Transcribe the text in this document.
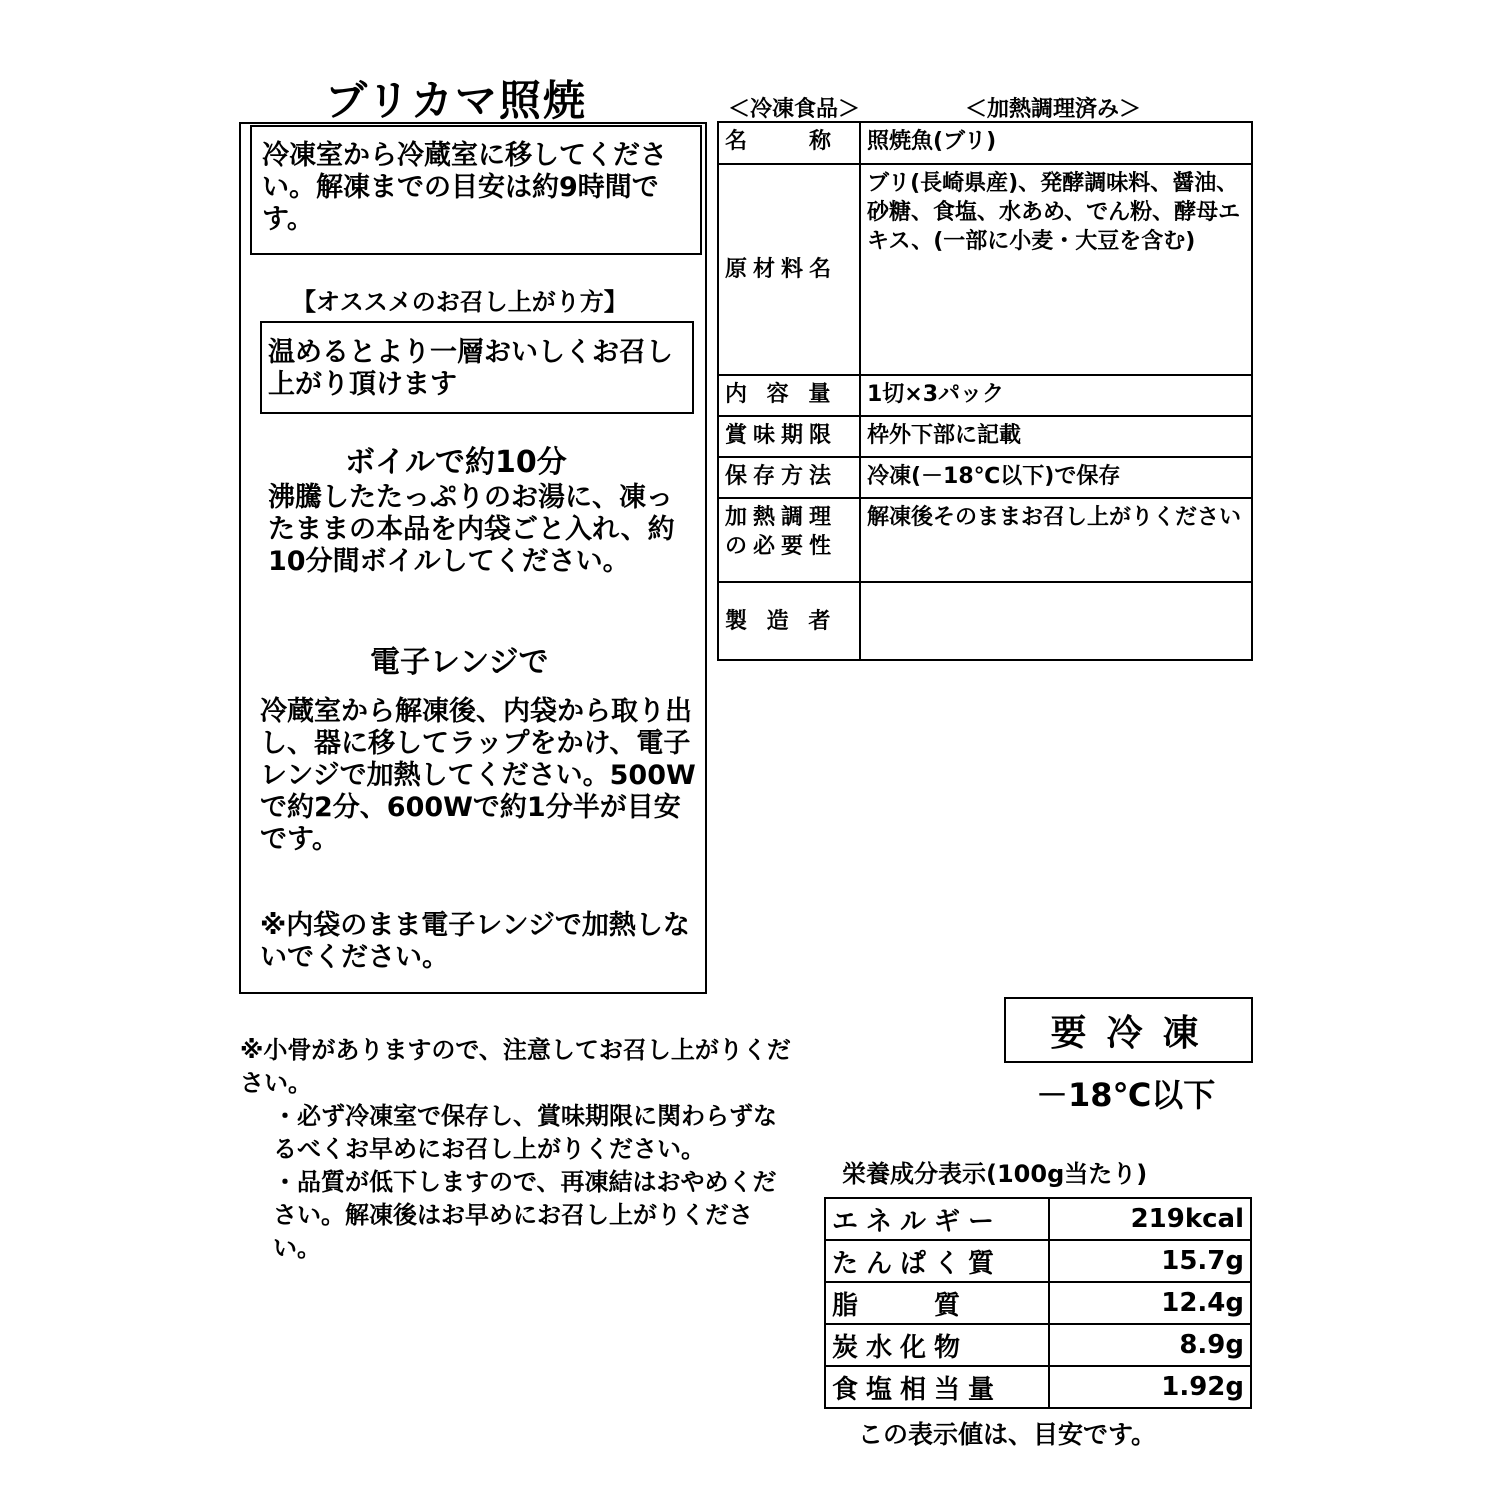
ブリカマ照焼	＜冷凍食品＞	＜加熱調理済み＞
冷凍室から冷蔵室に移してください。解凍までの目安は約9時間です。
【オススメのお召し上がり方】
温めるとより一層おいしくお召し上がり頂けます
ボイルで約10分
沸騰したたっぷりのお湯に、凍ったままの本品を内袋ごと入れ、約10分間ボイルしてください。
電子レンジで
冷蔵室から解凍後、内袋から取り出し、器に移してラップをかけ、電子レンジで加熱してください。500Wで約2分、600Wで約1分半が目安です。
※内袋のまま電子レンジで加熱しないでください。
※小骨がありますので、注意してお召し上がりください。
・必ず冷凍室で保存し、賞味期限に関わらずなるべくお早めにお召し上がりください。
・品質が低下しますので、再凍結はおやめください。解凍後はお早めにお召し上がりください。
名　　称	照焼魚(ブリ)
原材料名	ブリ(長崎県産)、発酵調味料、醤油、砂糖、食塩、水あめ、でん粉、酵母エキス、(一部に小麦・大豆を含む)
内 容 量	1切×3パック
賞味期限	枠外下部に記載
保存方法	冷凍(－18℃以下)で保存
加熱調理の必要性	解凍後そのままお召し上がりください
製 造 者	
要冷凍
－18℃以下
栄養成分表示(100g当たり)
エネルギー	219kcal
たんぱく質	15.7g
脂　　質	12.4g
炭水化物	8.9g
食塩相当量	1.92g
この表示値は、目安です。
